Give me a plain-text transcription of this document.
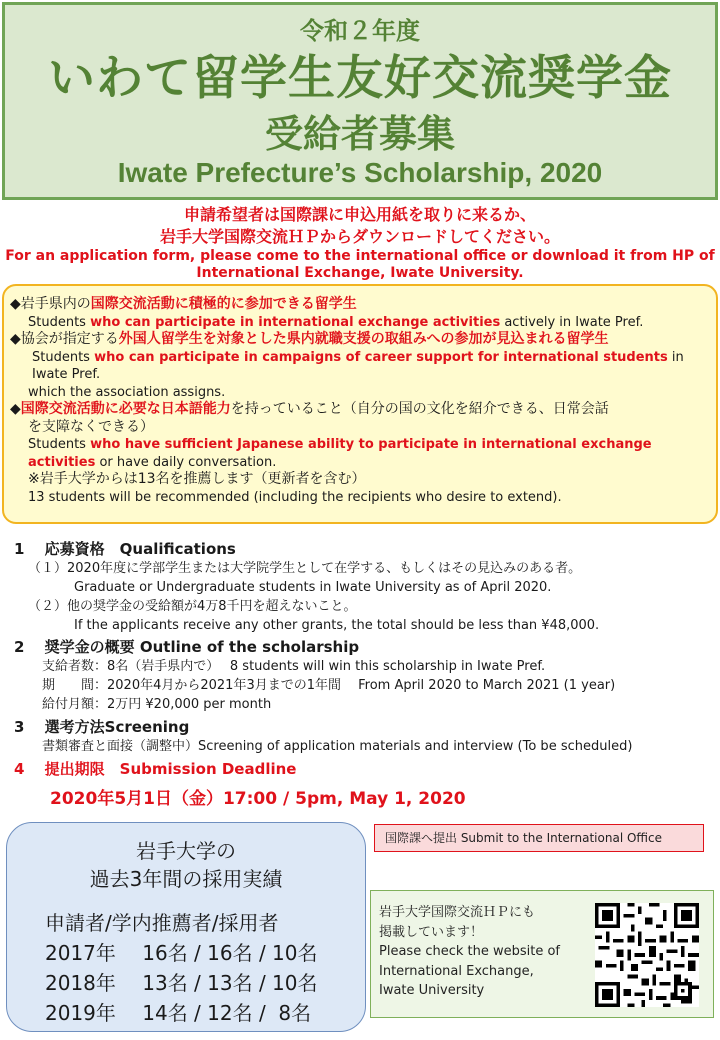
令和２年度
いわて留学生友好交流奨学金
受給者募集
Iwate Prefecture’s Scholarship, 2020
申請希望者は国際課に申込用紙を取りに来るか、
岩手大学国際交流ＨＰからダウンロードしてください。
For an application form, please come to the international office or download it from HP of
International Exchange, Iwate University.
◆岩手県内の国際交流活動に積極的に参加できる留学生
Students who can participate in international exchange activities actively in Iwate Pref.
◆協会が指定する外国人留学生を対象とした県内就職支援の取組みへの参加が見込まれる留学生
Students who can participate in campaigns of career support for international students in Iwate Pref.
which the association assigns.
◆国際交流活動に必要な日本語能力を持っていること（自分の国の文化を紹介できる、日常会話
を支障なくできる）
Students who have sufficient Japanese ability to participate in international exchange
activities or have daily conversation.
※岩手大学からは13名を推薦します（更新者を含む）
13 students will be recommended (including the recipients who desire to extend).
1　 応募資格　Qualifications
（１）2020年度に学部学生または大学院学生として在学する、もしくはその見込みのある者。
Graduate or Undergraduate students in Iwate University as of April 2020.
（２）他の奨学金の受給額が4万8千円を超えないこと。
If the applicants receive any other grants, the total should be less than ¥48,000.
2　 奨学金の概要 Outline of the scholarship
支給者数：8名（岩手県内で）　 8 students will win this scholarship in Iwate Pref.
期　　間：2020年4月から2021年3月までの1年間　 From April 2020 to March 2021 (1 year)
給付月額：2万円 ¥20,000 per month
3　 選考方法Screening
書類審査と面接（調整中）Screening of application materials and interview (To be scheduled)
4　 提出期限　Submission Deadline
2020年5月1日（金）17:00 / 5pm, May 1, 2020
岩手大学の
過去3年間の採用実績
申請者/学内推薦者/採用者
2017年　 16名 / 16名 / 10名
2018年　 13名 / 13名 / 10名
2019年　 14名 / 12名 /  8名
国際課へ提出 Submit to the International Office
岩手大学国際交流ＨＰにも
掲載しています！
Please check the website of
International Exchange,
Iwate University
